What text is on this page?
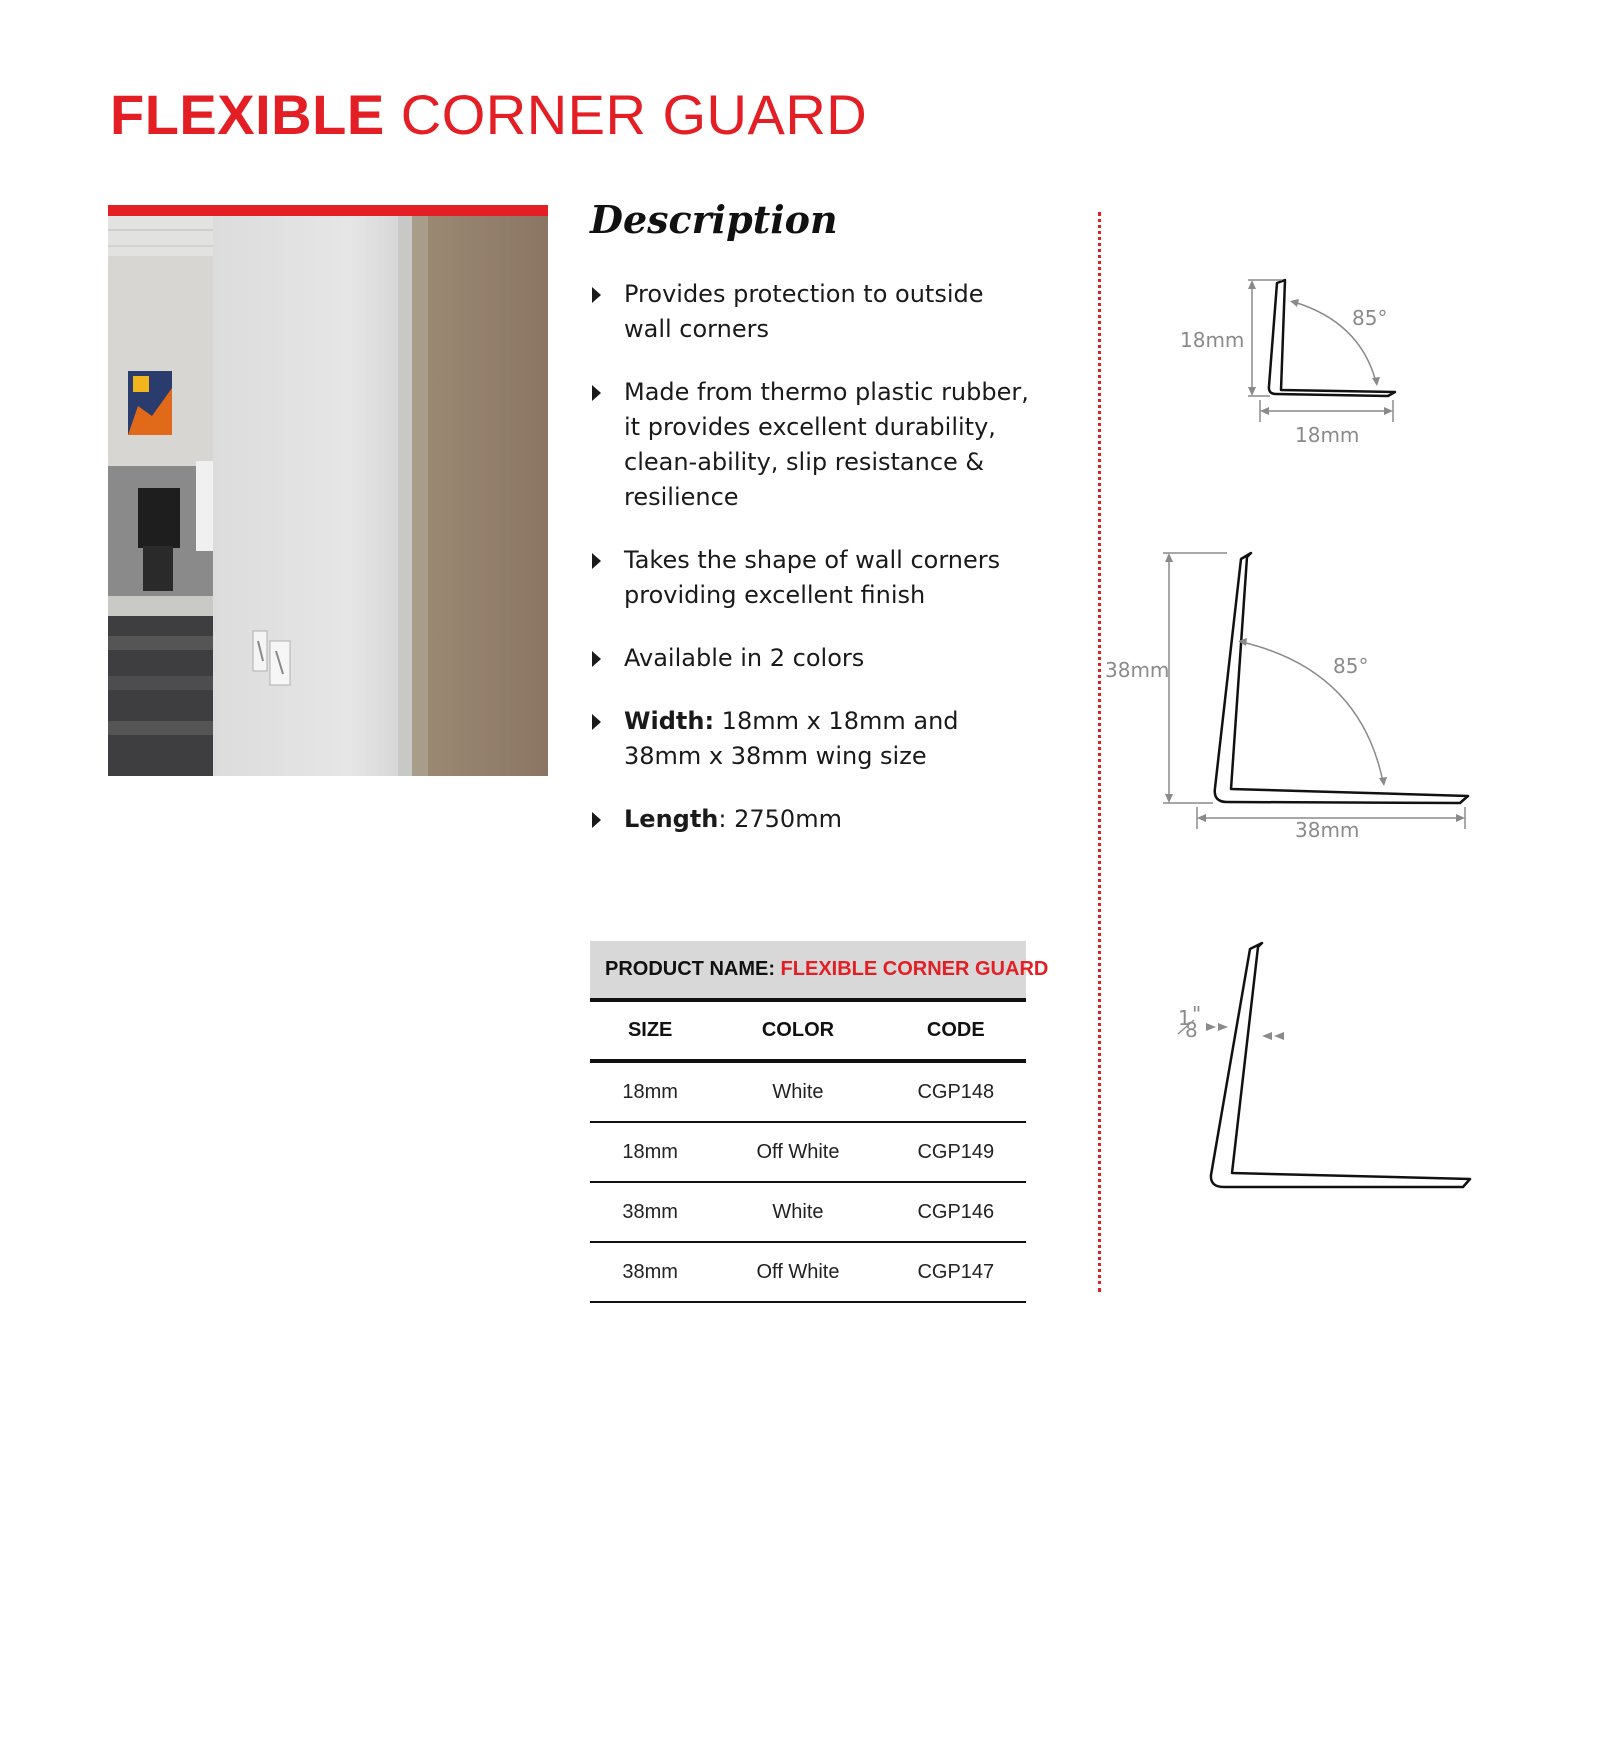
FLEXIBLE CORNER GUARD
Description
Provides protection to outside wall corners
Made from thermo plastic rubber, it provides excellent durability, clean-ability, slip resistance & resilience
Takes the shape of wall corners providing excellent finish
Available in 2 colors
Width: 18mm x 18mm and 38mm x 38mm wing size
Length: 2750mm
PRODUCT NAME: FLEXIBLE CORNER GUARD
SIZE	COLOR	CODE
18mm	White	CGP148
18mm	Off White	CGP149
38mm	White	CGP146
38mm	Off White	CGP147
18mm
18mm
85°
38mm
38mm
85°
1
8
"
